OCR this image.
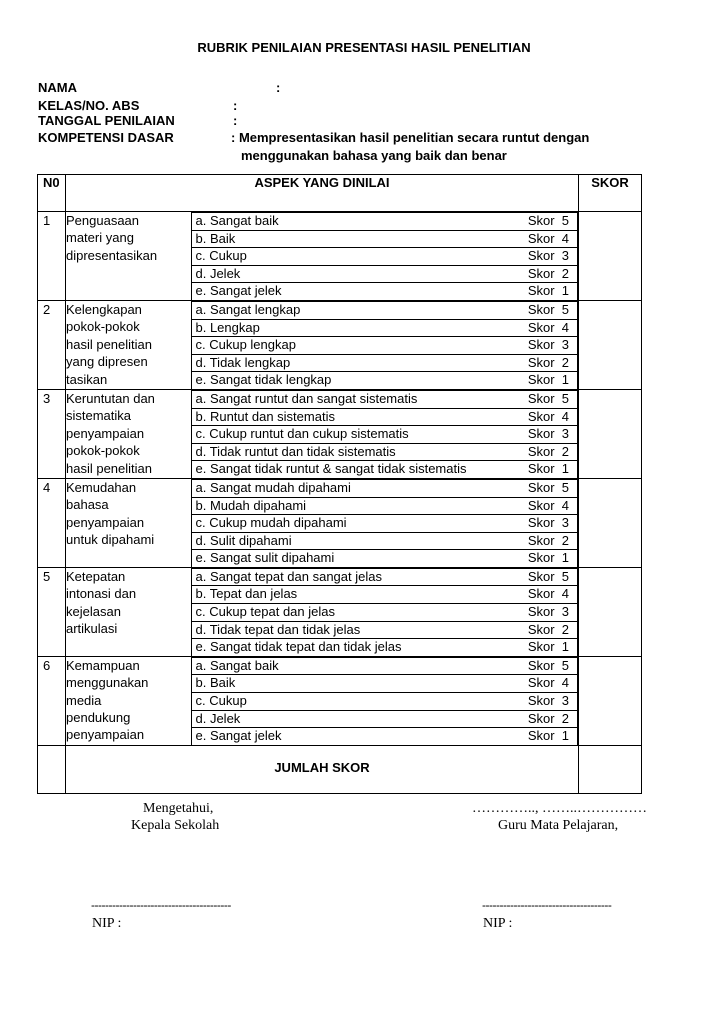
RUBRIK PENILAIAN PRESENTASI HASIL PENELITIAN
NAMA	:
KELAS/NO. ABS	:
TANGGAL PENILAIAN	:
KOMPETENSI DASAR	: Mempresentasikan hasil penelitian secara runtut dengan
menggunakan bahasa yang baik dan benar
N0	ASPEK YANG DINILAI	SKOR
1	Penguasaan
materi yang
dipresentasikan

a. Sangat baik	Skor  5

b. Baik	Skor  4

c. Cukup	Skor  3

d. Jelek	Skor  2

e. Sangat jelek	Skor  1

2	Kelengkapan
pokok-pokok
hasil penelitian
yang dipresen
tasikan

a. Sangat lengkap	Skor  5

b. Lengkap	Skor  4

c. Cukup lengkap	Skor  3

d. Tidak lengkap	Skor  2

e. Sangat tidak lengkap	Skor  1

3	Keruntutan dan
sistematika
penyampaian
pokok-pokok
hasil penelitian

a. Sangat runtut dan sangat sistematis	Skor  5

b. Runtut dan sistematis	Skor  4

c. Cukup runtut dan cukup sistematis	Skor  3

d. Tidak runtut dan tidak sistematis	Skor  2

e. Sangat tidak runtut & sangat tidak sistematis	Skor  1

4	Kemudahan
bahasa
penyampaian
untuk dipahami

a. Sangat mudah dipahami	Skor  5

b. Mudah dipahami	Skor  4

c. Cukup mudah dipahami	Skor  3

d. Sulit dipahami	Skor  2

e. Sangat sulit dipahami	Skor  1

5	Ketepatan
intonasi dan
kejelasan
artikulasi

a. Sangat tepat dan sangat jelas	Skor  5

b. Tepat dan jelas	Skor  4

c. Cukup tepat dan jelas	Skor  3

d. Tidak tepat dan tidak jelas	Skor  2

e. Sangat tidak tepat dan tidak jelas	Skor  1

6	Kemampuan
menggunakan
media
pendukung
penyampaian

a. Sangat baik	Skor  5

b. Baik	Skor  4

c. Cukup	Skor  3

d. Jelek	Skor  2

e. Sangat jelek	Skor  1

	JUMLAH SKOR	
Mengetahui,
Kepala Sekolah
----------------------------------------
NIP :
………….., ……..……………
Guru Mata Pelajaran,
-------------------------------------
NIP :
